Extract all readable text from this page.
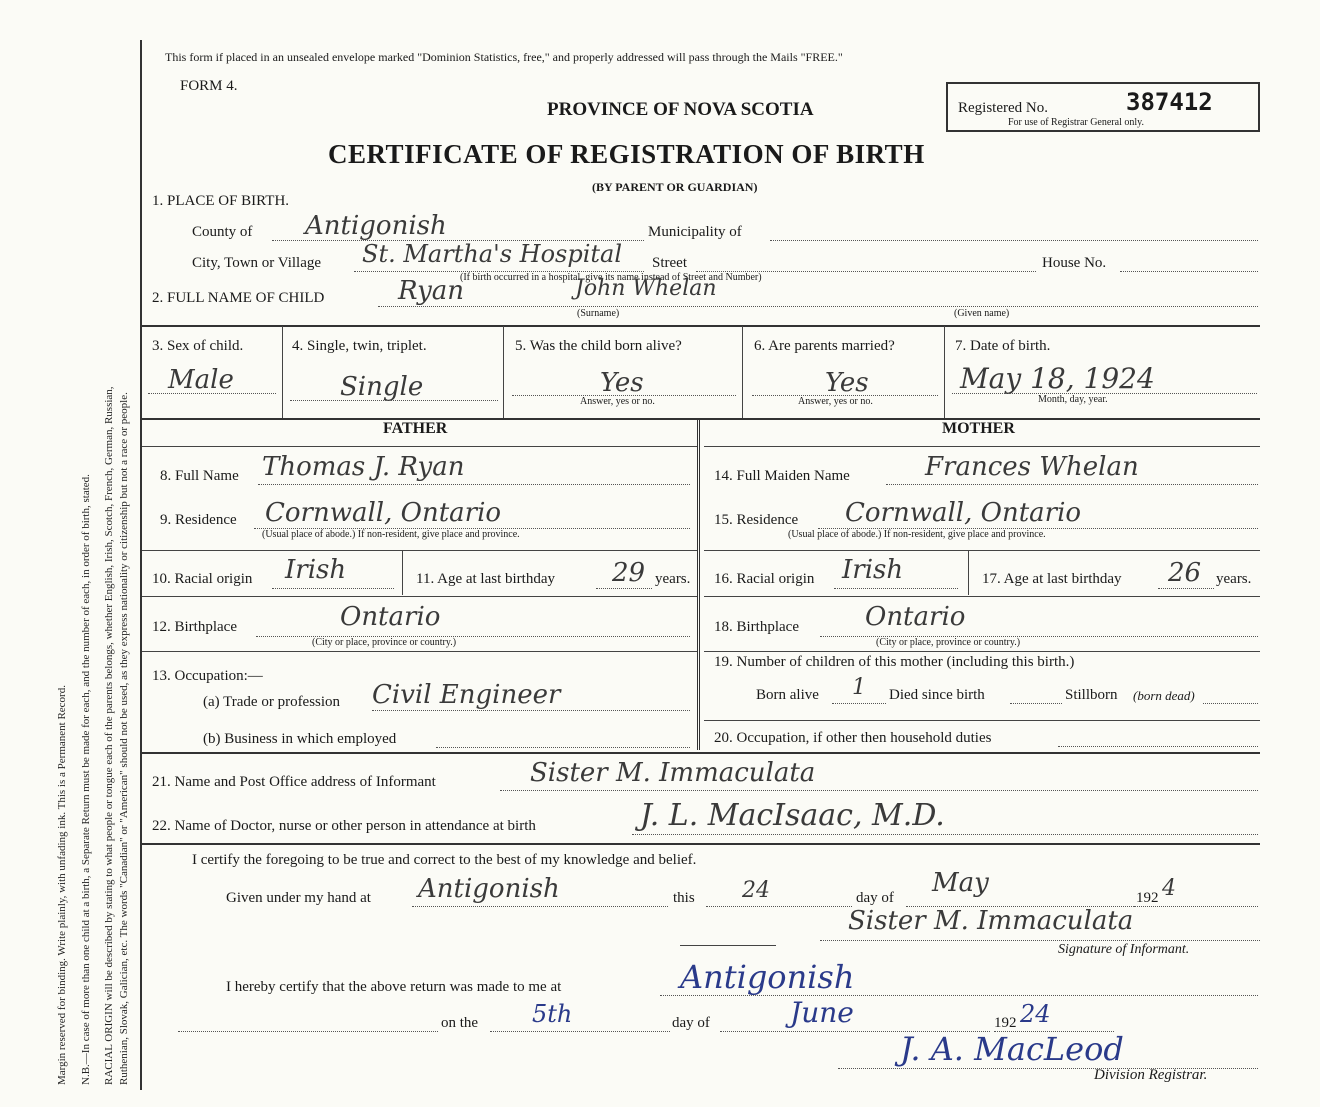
Margin reserved for binding. Write plainly, with unfading ink. This is a Permanent Record. N.B.—In case of more than one child at a birth, a Separate Return must be made for each, and the number of each, in order of birth, stated. RACIAL ORIGIN will be described by stating to what people or tongue each of the parents belongs, whether English, Irish, Scotch, French, German, Russian, Ruthenian, Slovak, Galician, etc. The words "Canadian" or "American" should not be used, as they express nationality or citizenship but not a race or people.
This form if placed in an unsealed envelope marked "Dominion Statistics, free," and properly addressed will pass through the Mails "FREE."
FORM 4.
PROVINCE OF NOVA SCOTIA
CERTIFICATE OF REGISTRATION OF BIRTH
(BY PARENT OR GUARDIAN)
Registered No.	387412
For use of Registrar General only.
1. PLACE OF BIRTH.
County of Antigonish	Municipality of
City, Town or Village St. Martha's Hospital Street
(If birth occurred in a hospital, give its name instead of Street and Number)
House No.
2. FULL NAME OF CHILD	Ryan	John Whelan
(Surname)	(Given name)
3. Sex of child.
Male
4. Single, twin, triplet.
Single
5. Was the child born alive?
Yes
Answer, yes or no.
6. Are parents married?
Yes
Answer, yes or no.
7. Date of birth.
May 18, 1924
Month, day, year.
FATHER	MOTHER
8. Full Name Thomas J. Ryan
9. Residence Cornwall, Ontario
(Usual place of abode.) If non-resident, give place and province.
10. Racial origin Irish	11. Age at last birthday 29 years.
12. Birthplace	Ontario
(City or place, province or country.)
13. Occupation:—
(a) Trade or profession Civil Engineer
(b) Business in which employed
14. Full Maiden Name	Frances Whelan
15. Residence Cornwall, Ontario
(Usual place of abode.) If non-resident, give place and province.
16. Racial origin Irish	17. Age at last birthday 26 years.
18. Birthplace	Ontario
(City or place, province or country.)
19. Number of children of this mother (including this birth.)
Born alive 1 Died since birth	Stillborn (born dead)
20. Occupation, if other then household duties
21. Name and Post Office address of Informant	Sister M. Immaculata
22. Name of Doctor, nurse or other person in attendance at birth	J. L. MacIsaac, M.D.
I certify the foregoing to be true and correct to the best of my knowledge and belief.
Given under my hand at Antigonish	this 24	day of May	192 4
Sister M. Immaculata
Signature of Informant.
I hereby certify that the above return was made to me at	Antigonish
on the 5th	day of	June	192 24
J. A. MacLeod
Division Registrar.
